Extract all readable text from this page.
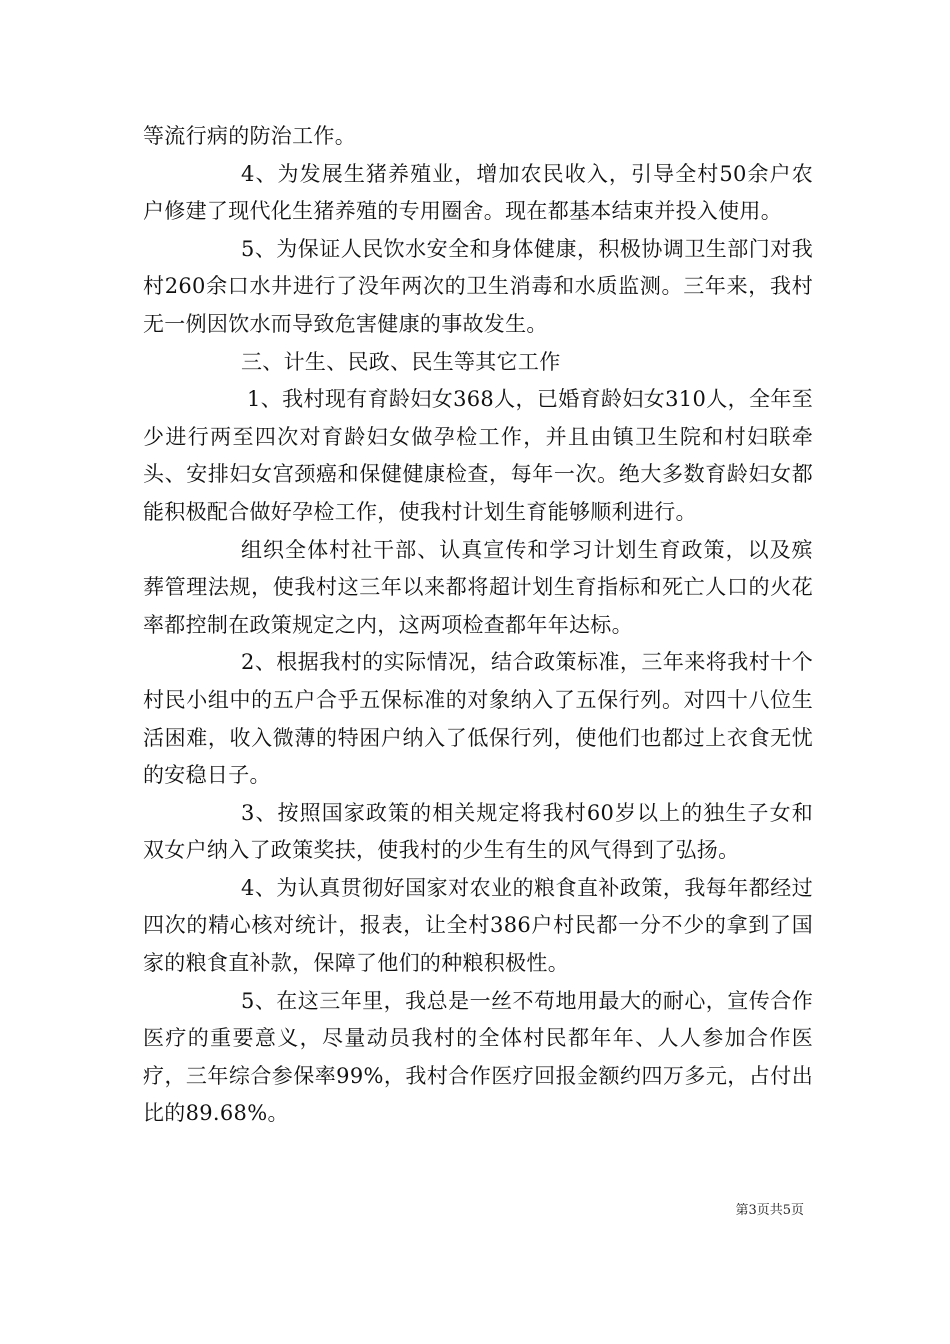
等流行病的防治工作。

4、为发展生猪养殖业，增加农民收入，引导全村50余户农户修建了现代化生猪养殖的专用圈舍。现在都基本结束并投入使用。

5、为保证人民饮水安全和身体健康，积极协调卫生部门对我村260余口水井进行了没年两次的卫生消毒和水质监测。三年来，我村无一例因饮水而导致危害健康的事故发生。

三、计生、民政、民生等其它工作

1、我村现有育龄妇女368人，已婚育龄妇女310人，全年至少进行两至四次对育龄妇女做孕检工作，并且由镇卫生院和村妇联牵头、安排妇女宫颈癌和保健健康检查，每年一次。绝大多数育龄妇女都能积极配合做好孕检工作，使我村计划生育能够顺利进行。

组织全体村社干部、认真宣传和学习计划生育政策，以及殡葬管理法规，使我村这三年以来都将超计划生育指标和死亡人口的火花率都控制在政策规定之内，这两项检查都年年达标。

2、根据我村的实际情况，结合政策标准，三年来将我村十个村民小组中的五户合乎五保标准的对象纳入了五保行列。对四十八位生活困难，收入微薄的特困户纳入了低保行列，使他们也都过上衣食无忧的安稳日子。

3、按照国家政策的相关规定将我村60岁以上的独生子女和双女户纳入了政策奖扶，使我村的少生有生的风气得到了弘扬。

4、为认真贯彻好国家对农业的粮食直补政策，我每年都经过四次的精心核对统计，报表，让全村386户村民都一分不少的拿到了国家的粮食直补款，保障了他们的种粮积极性。

5、在这三年里，我总是一丝不苟地用最大的耐心，宣传合作医疗的重要意义，尽量动员我村的全体村民都年年、人人参加合作医疗，三年综合参保率99%，我村合作医疗回报金额约四万多元，占付出比的89.68%。

第3页共5页
